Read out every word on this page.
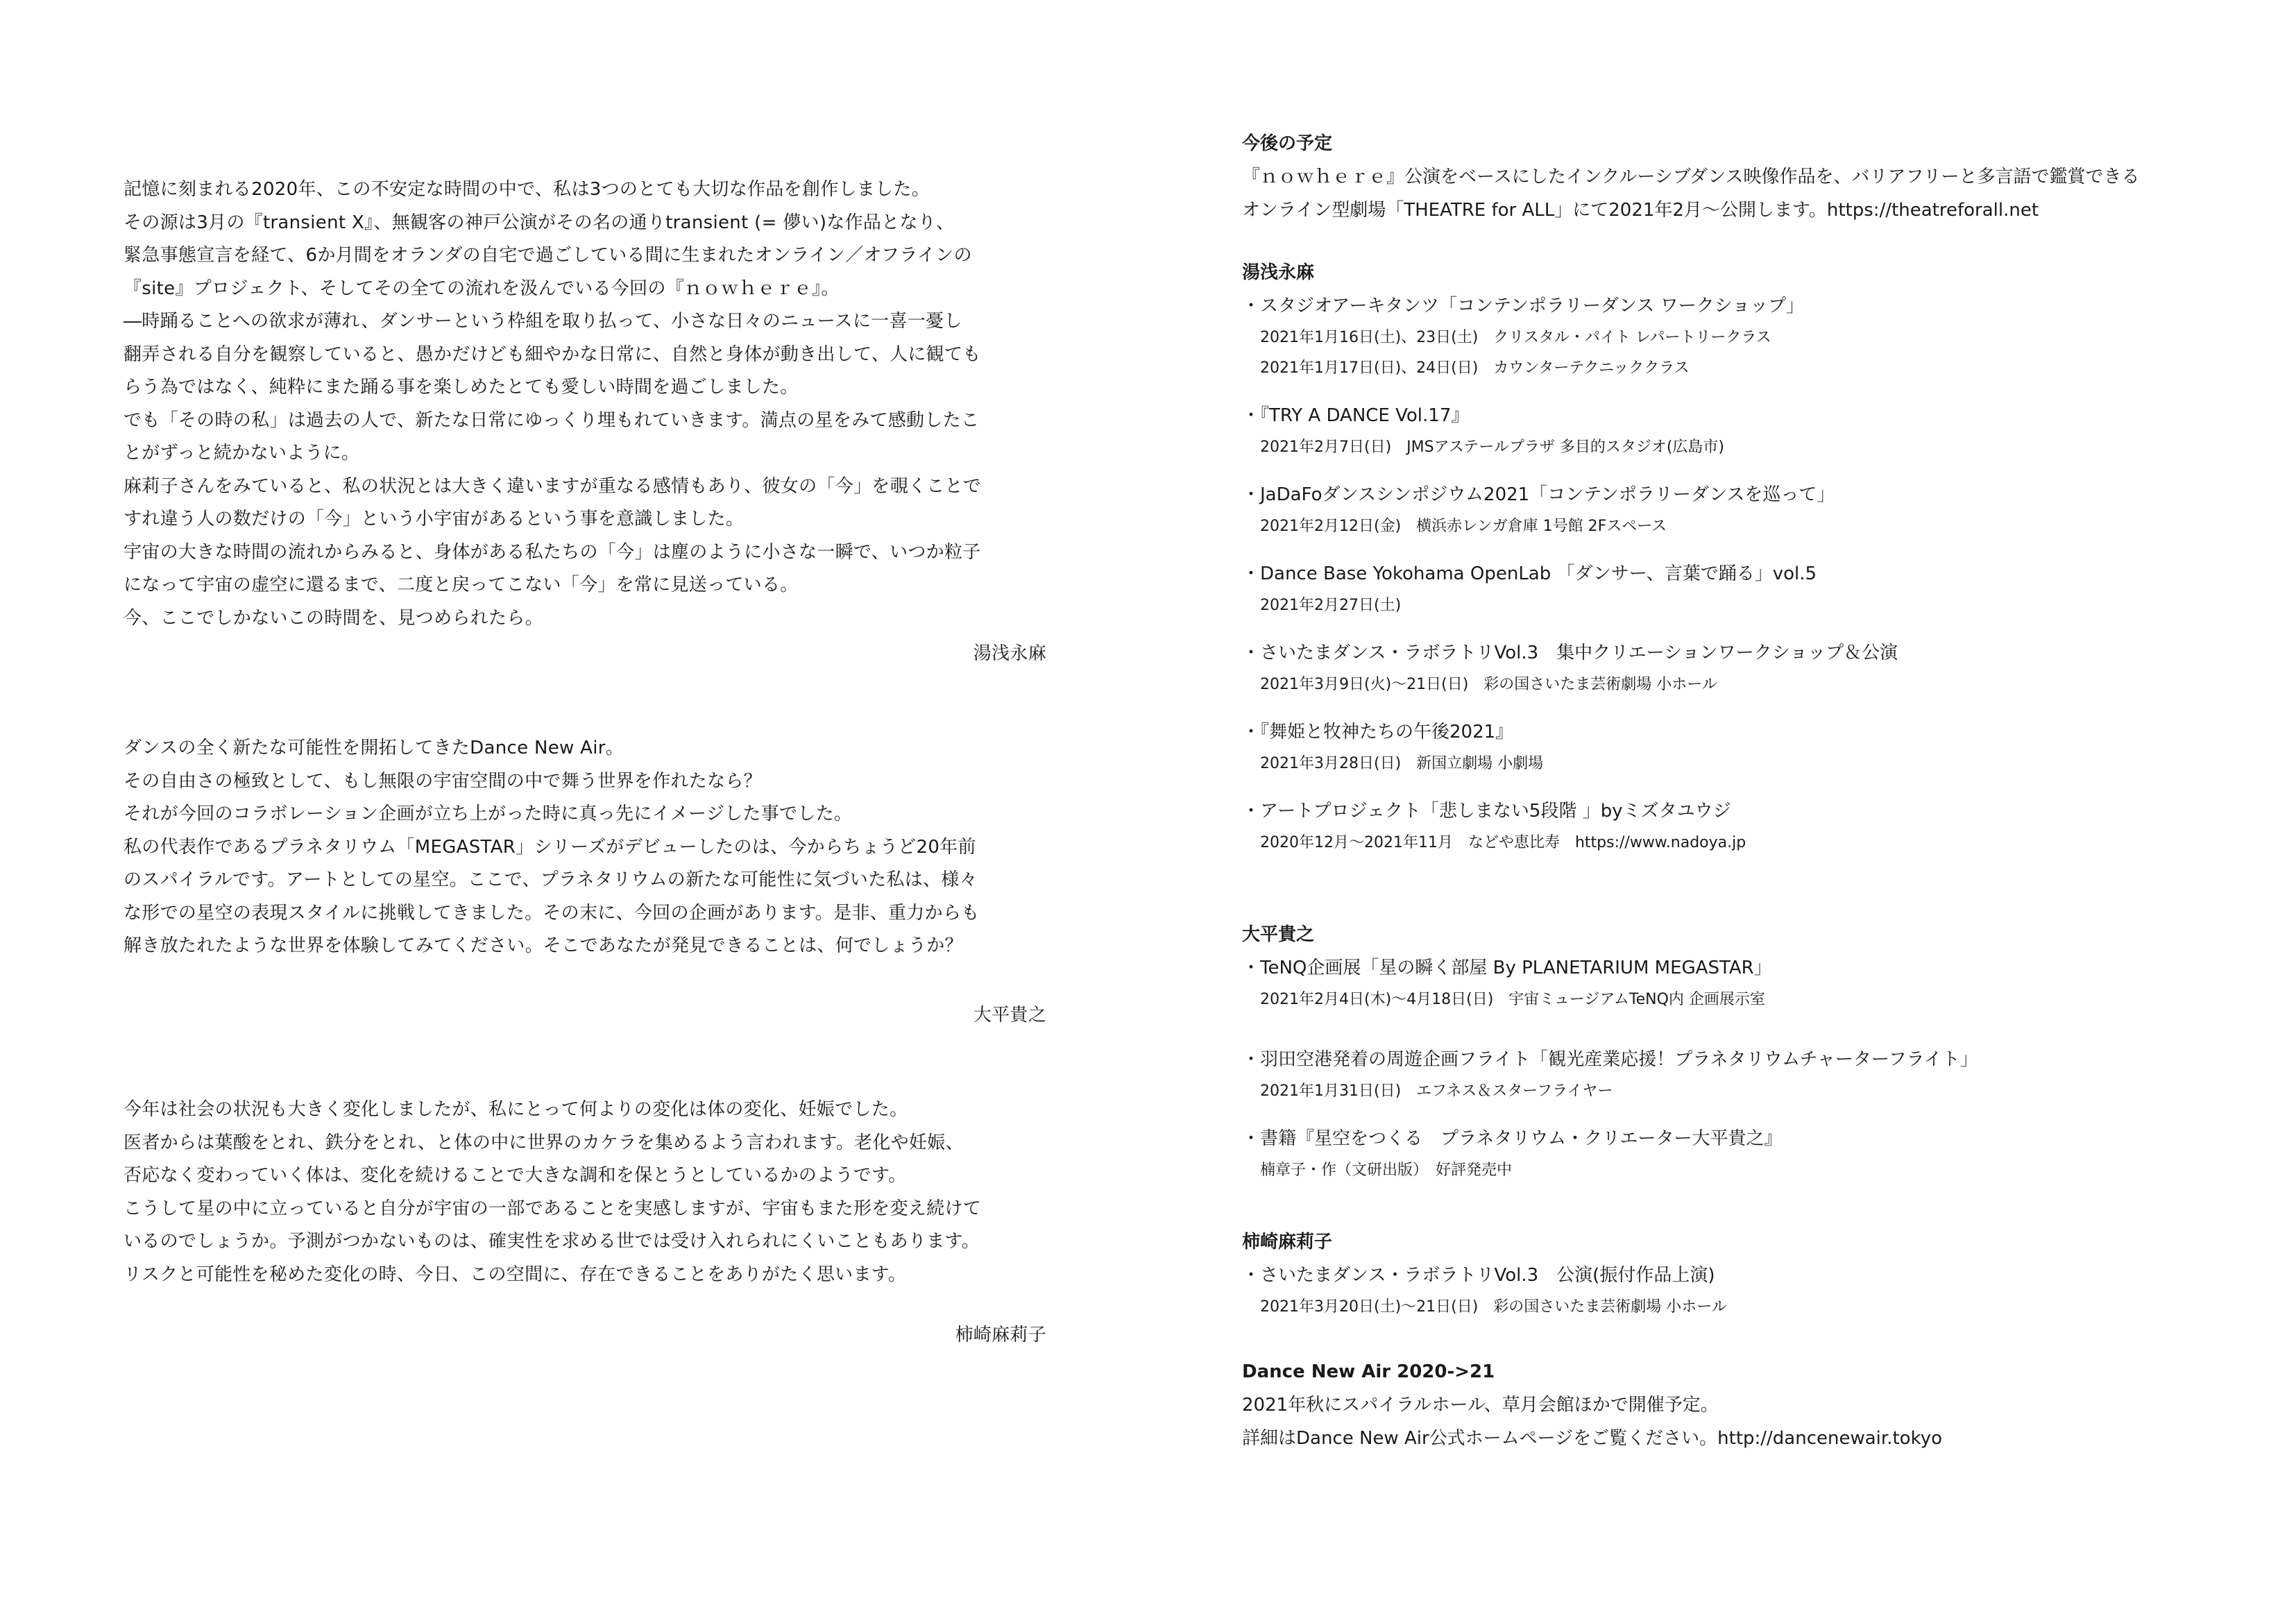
記憶に刻まれる2020年、この不安定な時間の中で、私は3つのとても大切な作品を創作しました。

その源は3月の『transient X』、無観客の神戸公演がその名の通りtransient (= 儚い)な作品となり、

緊急事態宣言を経て、6か月間をオランダの自宅で過ごしている間に生まれたオンライン／オフラインの

『site』プロジェクト、そしてその全ての流れを汲んでいる今回の『ｎｏｗｈｅｒｅ』。

―時踊ることへの欲求が薄れ、ダンサーという枠組を取り払って、小さな日々のニュースに一喜一憂し

翻弄される自分を観察していると、愚かだけども細やかな日常に、自然と身体が動き出して、人に観ても

らう為ではなく、純粋にまた踊る事を楽しめたとても愛しい時間を過ごしました。

でも「その時の私」は過去の人で、新たな日常にゆっくり埋もれていきます。満点の星をみて感動したこ

とがずっと続かないように。

麻莉子さんをみていると、私の状況とは大きく違いますが重なる感情もあり、彼女の「今」を覗くことで

すれ違う人の数だけの「今」という小宇宙があるという事を意識しました。

宇宙の大きな時間の流れからみると、身体がある私たちの「今」は塵のように小さな一瞬で、いつか粒子

になって宇宙の虚空に還るまで、二度と戻ってこない「今」を常に見送っている。

今、ここでしかないこの時間を、見つめられたら。

湯浅永麻

ダンスの全く新たな可能性を開拓してきたDance New Air。

その自由さの極致として、もし無限の宇宙空間の中で舞う世界を作れたなら？

それが今回のコラボレーション企画が立ち上がった時に真っ先にイメージした事でした。

私の代表作であるプラネタリウム「MEGASTAR」シリーズがデビューしたのは、今からちょうど20年前

のスパイラルです。アートとしての星空。ここで、プラネタリウムの新たな可能性に気づいた私は、様々

な形での星空の表現スタイルに挑戦してきました。その末に、今回の企画があります。是非、重力からも

解き放たれたような世界を体験してみてください。そこであなたが発見できることは、何でしょうか？

大平貴之

今年は社会の状況も大きく変化しましたが、私にとって何よりの変化は体の変化、妊娠でした。

医者からは葉酸をとれ、鉄分をとれ、と体の中に世界のカケラを集めるよう言われます。老化や妊娠、

否応なく変わっていく体は、変化を続けることで大きな調和を保とうとしているかのようです。

こうして星の中に立っていると自分が宇宙の一部であることを実感しますが、宇宙もまた形を変え続けて

いるのでしょうか。予測がつかないものは、確実性を求める世では受け入れられにくいこともあります。

リスクと可能性を秘めた変化の時、今日、この空間に、存在できることをありがたく思います。

柿崎麻莉子

今後の予定

『ｎｏｗｈｅｒｅ』公演をベースにしたインクルーシブダンス映像作品を、バリアフリーと多言語で鑑賞できる

オンライン型劇場「THEATRE for ALL」にて2021年2月～公開します。https://theatreforall.net

湯浅永麻

・スタジオアーキタンツ「コンテンポラリーダンス ワークショップ」

2021年1月16日(土)、23日(土)　クリスタル・パイト レパートリークラス

2021年1月17日(日)、24日(日)　カウンターテクニッククラス

・『TRY A DANCE Vol.17』

2021年2月7日(日)　JMSアステールプラザ 多目的スタジオ(広島市)

・JaDaFoダンスシンポジウム2021「コンテンポラリーダンスを巡って」

2021年2月12日(金)　横浜赤レンガ倉庫 1号館 2Fスペース

・Dance Base Yokohama OpenLab 「ダンサー、言葉で踊る」vol.5

2021年2月27日(土)

・さいたまダンス・ラボラトリVol.3　集中クリエーションワークショップ＆公演

2021年3月9日(火)～21日(日)　彩の国さいたま芸術劇場 小ホール

・『舞姫と牧神たちの午後2021』

2021年3月28日(日)　新国立劇場 小劇場

・アートプロジェクト「悲しまない5段階 」byミズタユウジ

2020年12月～2021年11月　などや恵比寿　https://www.nadoya.jp

大平貴之

・TeNQ企画展「星の瞬く部屋 By PLANETARIUM MEGASTAR」

2021年2月4日(木)～4月18日(日)　宇宙ミュージアムTeNQ内 企画展示室

・羽田空港発着の周遊企画フライト「観光産業応援！プラネタリウムチャーターフライト」

2021年1月31日(日)　エフネス＆スターフライヤー

・書籍『星空をつくる　プラネタリウム・クリエーター大平貴之』

楠章子・作（文研出版）　好評発売中

柿崎麻莉子

・さいたまダンス・ラボラトリVol.3　公演(振付作品上演)

2021年3月20日(土)～21日(日)　彩の国さいたま芸術劇場 小ホール

Dance New Air 2020->21

2021年秋にスパイラルホール、草月会館ほかで開催予定。

詳細はDance New Air公式ホームページをご覧ください。http://dancenewair.tokyo
